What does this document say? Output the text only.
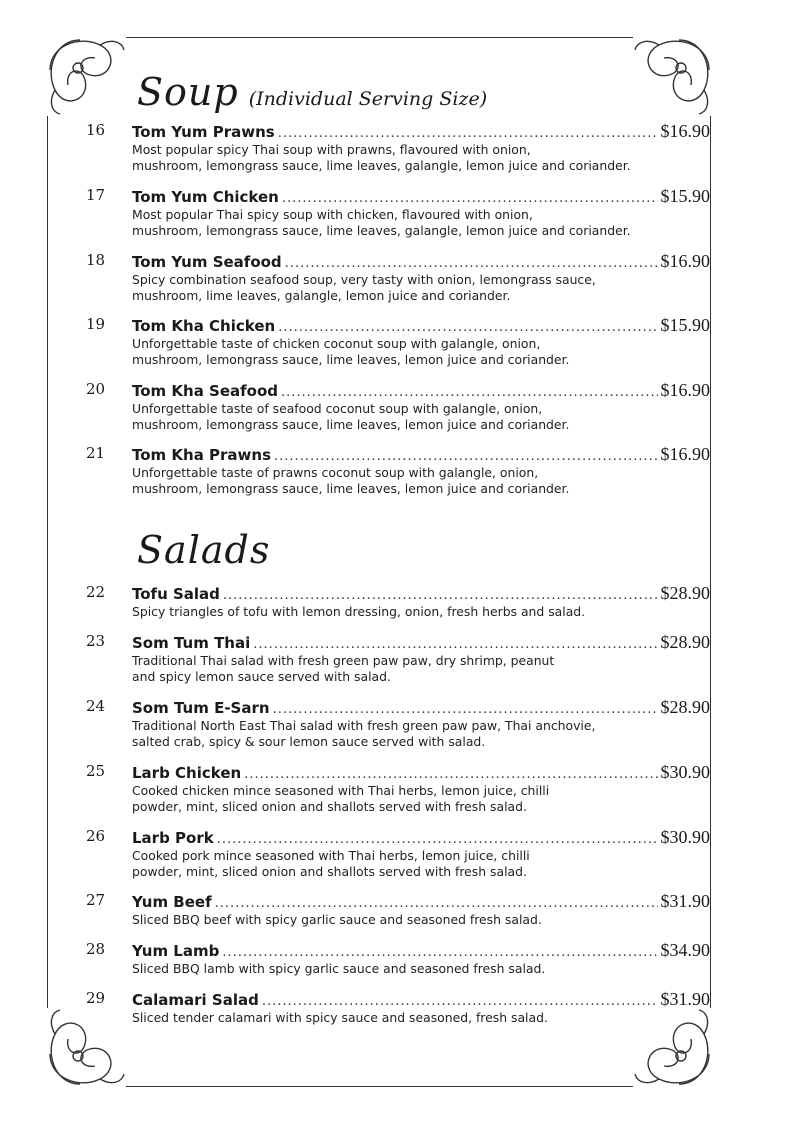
Soup (Individual Serving Size)
16 Tom Yum Prawns .....	$16.90
Most popular spicy Thai soup with prawns, flavoured with onion,
mushroom, lemongrass sauce, lime leaves, galangle, lemon juice and coriander.
17 Tom Yum Chicken .....	$15.90
Most popular Thai spicy soup with chicken, flavoured with onion,
mushroom, lemongrass sauce, lime leaves, galangle, lemon juice and coriander.
18 Tom Yum Seafood .....	$16.90
Spicy combination seafood soup, very tasty with onion, lemongrass sauce,
mushroom, lime leaves, galangle, lemon juice and coriander.
19 Tom Kha Chicken .....	$15.90
Unforgettable taste of chicken coconut soup with galangle, onion,
mushroom, lemongrass sauce, lime leaves, lemon juice and coriander.
20 Tom Kha Seafood .....	$16.90
Unforgettable taste of seafood coconut soup with galangle, onion,
mushroom, lemongrass sauce, lime leaves, lemon juice and coriander.
21 Tom Kha Prawns .....	$16.90
Unforgettable taste of prawns coconut soup with galangle, onion,
mushroom, lemongrass sauce, lime leaves, lemon juice and coriander.
Salads
22 Tofu Salad .....	$28.90
Spicy triangles of tofu with lemon dressing, onion, fresh herbs and salad.
23 Som Tum Thai .....	$28.90
Traditional Thai salad with fresh green paw paw, dry shrimp, peanut
and spicy lemon sauce served with salad.
24 Som Tum E-Sarn .....	$28.90
Traditional North East Thai salad with fresh green paw paw, Thai anchovie,
salted crab, spicy & sour lemon sauce served with salad.
25 Larb Chicken .....	$30.90
Cooked chicken mince seasoned with Thai herbs, lemon juice, chilli
powder, mint, sliced onion and shallots served with fresh salad.
26 Larb Pork .....	$30.90
Cooked pork mince seasoned with Thai herbs, lemon juice, chilli
powder, mint, sliced onion and shallots served with fresh salad.
27 Yum Beef .....	$31.90
Sliced BBQ beef with spicy garlic sauce and seasoned fresh salad.
28 Yum Lamb .....	$34.90
Sliced BBQ lamb with spicy garlic sauce and seasoned fresh salad.
29 Calamari Salad .....	$31.90
Sliced tender calamari with spicy sauce and seasoned, fresh salad.
